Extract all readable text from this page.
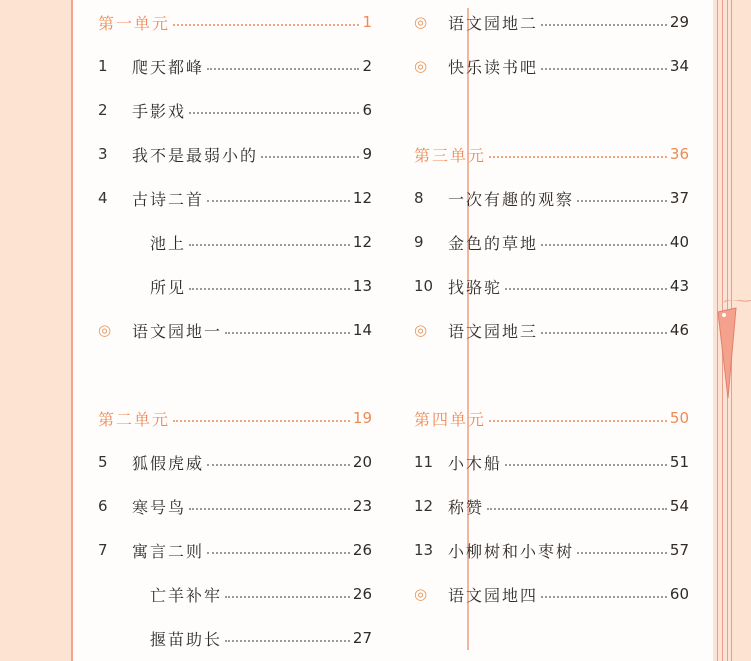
第一单元	1
1	爬天都峰	2
2	手影戏	6
3	我不是最弱小的	9
4	古诗二首	12
池上	12
所见	13
◎	语文园地一	14
第二单元	19
5	狐假虎威	20
6	寒号鸟	23
7	寓言二则	26
亡羊补牢	26
揠苗助长	27
◎	语文园地二	29
◎	快乐读书吧	34
第三单元	36
8	一次有趣的观察	37
9	金色的草地	40
10 找骆驼	43
◎	语文园地三	46
第四单元	50
11 小木船	51
12 称赞	54
13 小柳树和小枣树	57
◎	语文园地四	60
